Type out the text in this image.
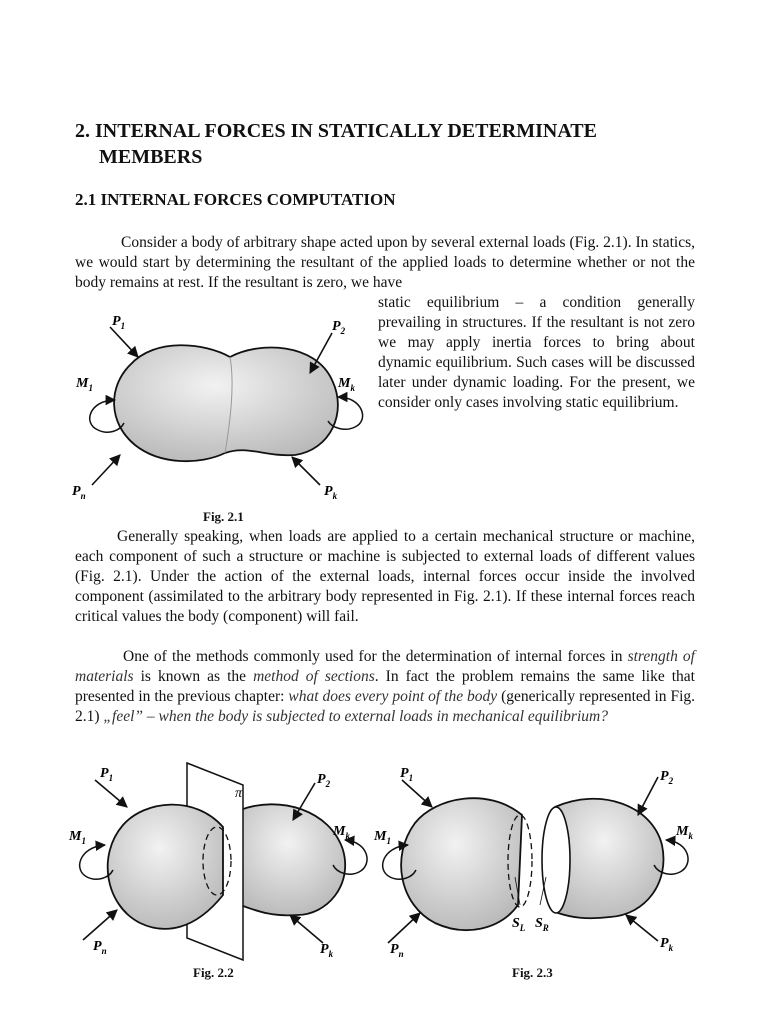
2. INTERNAL FORCES IN STATICALLY DETERMINATE
MEMBERS
2.1 INTERNAL FORCES COMPUTATION
Consider a body of arbitrary shape acted upon by several external loads (Fig. 2.1). In statics, we would start by determining the resultant of the applied loads to determine whether or not the body remains at rest. If the resultant is zero, we have
static equilibrium – a condition generally prevailing in structures. If the resultant is not zero we may apply inertia forces to bring about dynamic equilibrium. Such cases will be discussed later under dynamic loading. For the present, we consider only cases involving static equilibrium.
$P_1$	$P_2$
$M_1$	$M_k$
$P_n$	$P_k$
Fig. 2.1
Generally speaking, when loads are applied to a certain mechanical structure or machine, each component of such a structure or machine is subjected to external loads of different values (Fig. 2.1). Under the action of the external loads, internal forces occur inside the involved component (assimilated to the arbitrary body represented in Fig. 2.1). If these internal forces reach critical values the body (component) will fail.
One of the methods commonly used for the determination of internal forces in strength of materials is known as the method of sections. In fact the problem remains the same like that presented in the previous chapter: what does every point of the body (generically represented in Fig. 2.1) „feel” – when the body is subjected to external loads in mechanical equilibrium?
π
$P_1$	$P_2$
$M_1$
$M_k$
$P_n$	$P_k$
Fig. 2.2
$P_1$	$P_2$
$M_1$
$M_k$
$P_n$
$P_k$
$S_L$ $S_R$
Fig. 2.3
